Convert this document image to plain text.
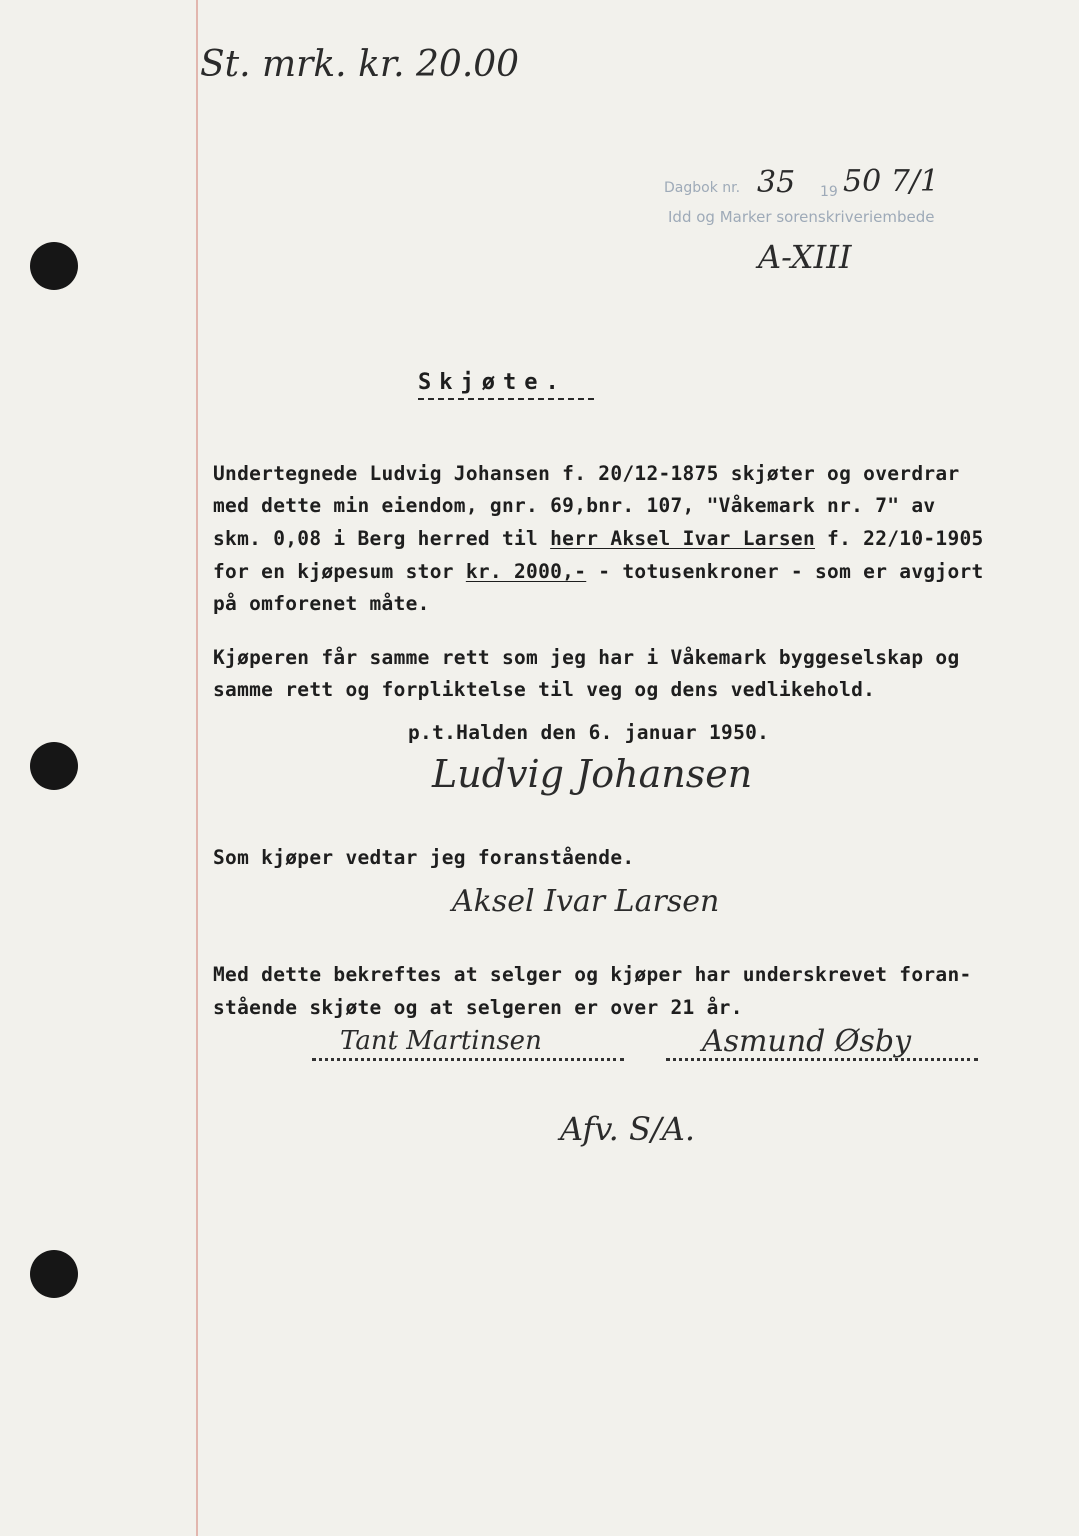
St. mrk. kr. 20.00
Dagbok nr. 35 19 50 7/1
Idd og Marker sorenskriveriembede
A-XIII
Skjøte.
Undertegnede Ludvig Johansen f. 20/12-1875 skjøter og overdrar
med dette min eiendom, gnr. 69,bnr. 107, "Våkemark nr. 7" av
skm. 0,08 i Berg herred til herr Aksel Ivar Larsen f. 22/10-1905
for en kjøpesum stor kr. 2000,- - totusenkroner - som er avgjort
på omforenet måte.
Kjøperen får samme rett som jeg har i Våkemark byggeselskap og
samme rett og forpliktelse til veg og dens vedlikehold.
p.t.Halden den 6. januar 1950.
Ludvig Johansen
Som kjøper vedtar jeg foranstående.
Aksel Ivar Larsen
Med dette bekreftes at selger og kjøper har underskrevet foran-
stående skjøte og at selgeren er over 21 år.
Tant Martinsen	Asmund Øsby
Afv. S/A.
